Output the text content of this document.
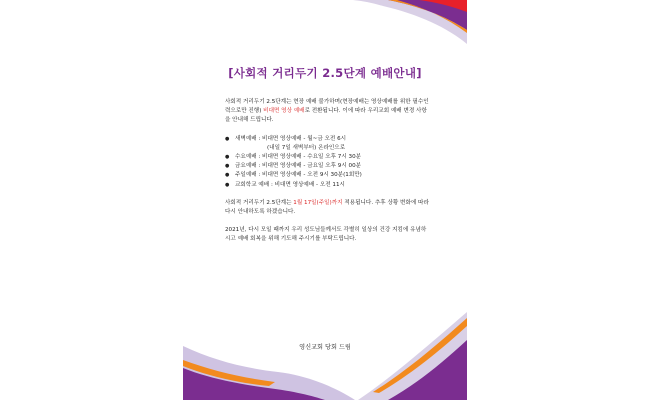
[사회적 거리두기 2.5단계 예배안내]

사회적 거리두기 2.5단계는 현장 예배 불가하며(현장예배는 영상예배를 위한 필수인력으로만 진행) 비대면 영상 예배로 전환됩니다. 이에 따라 우리교회 예배 변경 사항을 안내해 드립니다.

●	새벽예배 : 비대면 영상예배 - 월~금 오전 6시
(내일 7일 새벽부터) 온라인으로
●	수요예배 : 비대면 영상예배 - 수요일 오후 7시 30분
●	금요예배 : 비대면 영상예배 - 금요일 오후 9시 00분
●	주일예배 : 비대면 영상예배 - 오전 9시 30분(1회만)
●	교회학교 예배 : 비대면 영상예배 - 오전 11시

사회적 거리두기 2.5단계는 1월 17일(주일)까지 적용됩니다. 추후 상황 변화에 따라 다시 안내하도록 하겠습니다.

2021년, 다시 모일 때까지 우리 성도님들께서도 각별히 일상의 건강 지킴에 유념하시고 예배 회복을 위해 기도해 주시기를 부탁드립니다.

영신교회 당회 드림
